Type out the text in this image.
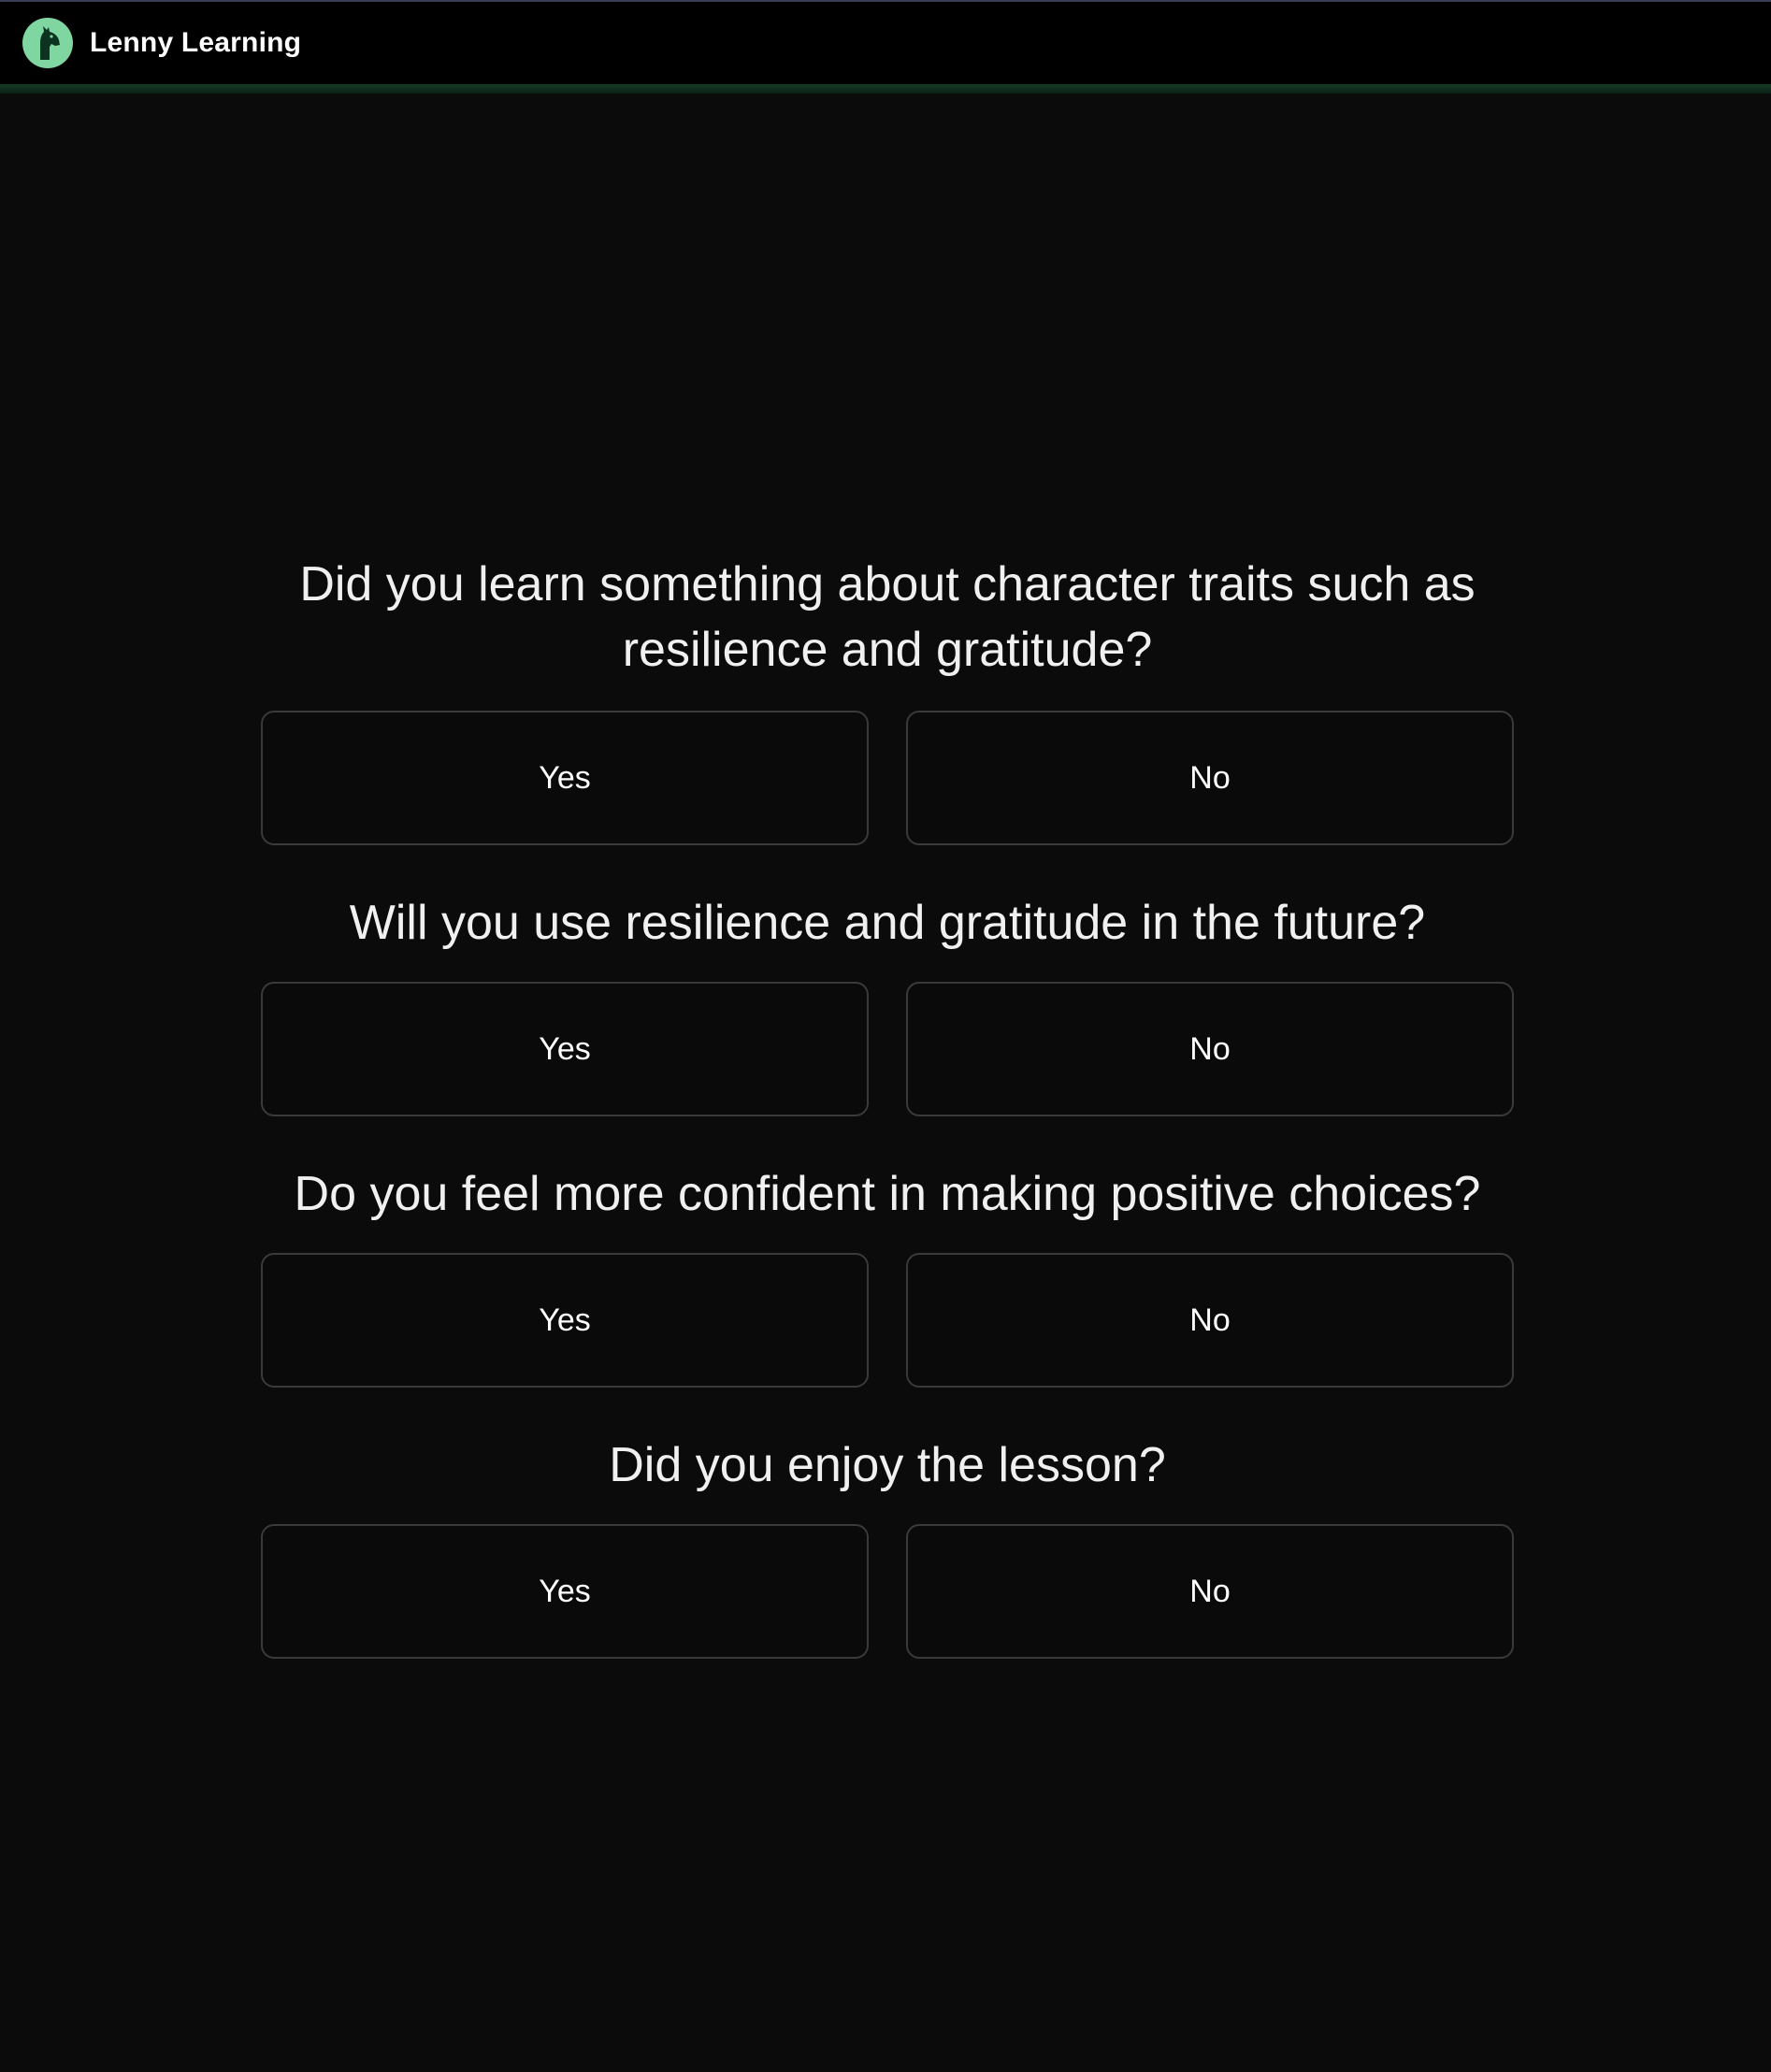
Lenny Learning
Did you learn something about character traits such as resilience and gratitude?
Yes	No
Will you use resilience and gratitude in the future?
Yes	No
Do you feel more confident in making positive choices?
Yes	No
Did you enjoy the lesson?
Yes	No
